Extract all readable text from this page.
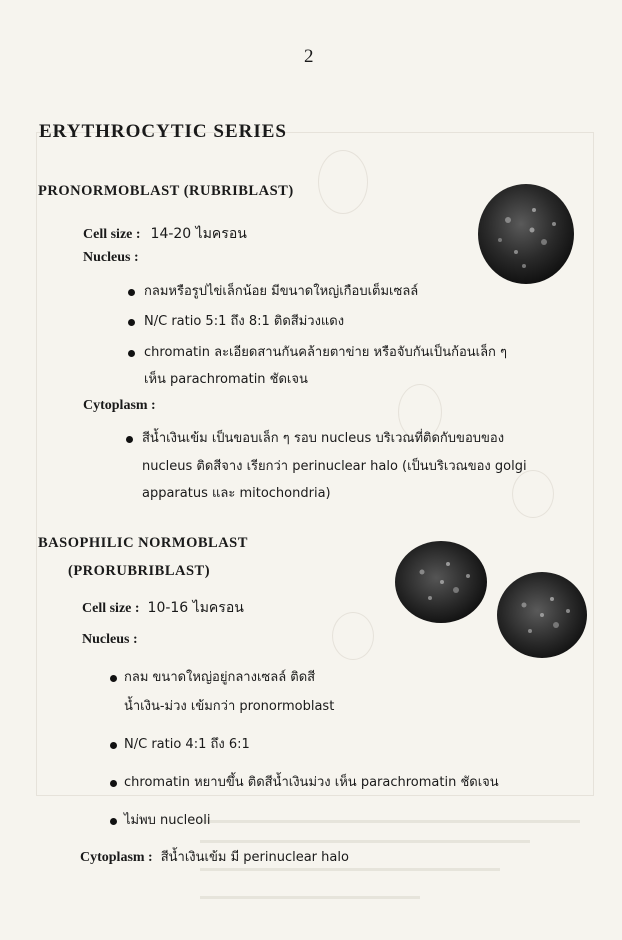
2
ERYTHROCYTIC SERIES
PRONORMOBLAST (RUBRIBLAST)
Cell size : 14-20 ไมครอน
Nucleus :
กลมหรือรูปไข่เล็กน้อย มีขนาดใหญ่เกือบเต็มเซลล์
N/C ratio 5:1 ถึง 8:1 ติดสีม่วงแดง
chromatin ละเอียดสานกันคล้ายตาข่าย หรือจับกันเป็นก้อนเล็ก ๆ
เห็น parachromatin ชัดเจน
Cytoplasm :
สีน้ำเงินเข้ม เป็นขอบเล็ก ๆ รอบ nucleus บริเวณที่ติดกับขอบของ
nucleus ติดสีจาง เรียกว่า perinuclear halo (เป็นบริเวณของ golgi
apparatus และ mitochondria)
BASOPHILIC NORMOBLAST
(PRORUBRIBLAST)
Cell size : 10-16 ไมครอน
Nucleus :
กลม ขนาดใหญ่อยู่กลางเซลล์ ติดสี
น้ำเงิน-ม่วง เข้มกว่า pronormoblast
N/C ratio 4:1 ถึง 6:1
chromatin หยาบขึ้น ติดสีน้ำเงินม่วง เห็น parachromatin ชัดเจน
ไม่พบ nucleoli
Cytoplasm : สีน้ำเงินเข้ม มี perinuclear halo
